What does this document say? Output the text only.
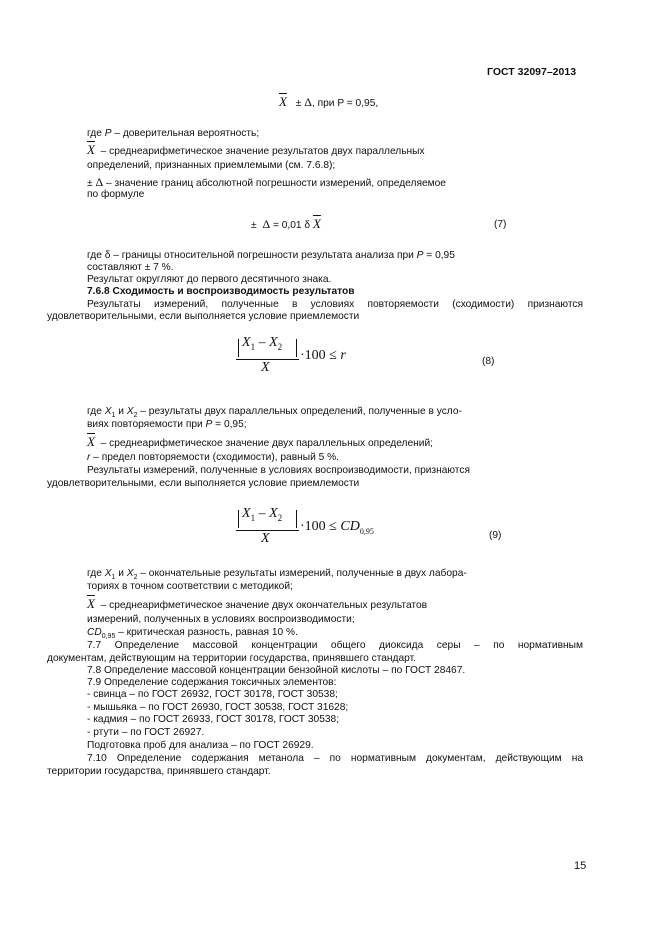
ГОСТ 32097–2013
$\overline{X} \pm \Delta$, при P = 0,95,
где P – доверительная вероятность;
$\overline{X}$ – среднеарифметическое значение результатов двух параллельных
определений, признанных приемлемыми (см. 7.6.8);
± Δ – значение границ абсолютной погрешности измерений, определяемое
по формуле
± Δ = 0,01 δ $\overline{X}$	(7)
где δ – границы относительной погрешности результата анализа при P = 0,95
составляют ± 7 %.
Результат округляют до первого десятичного знака.
7.6.8 Сходимость и воспроизводимость результатов
Результаты измерений, полученные в условиях повторяемости (сходимости) признаются
удовлетворительными, если выполняется условие приемлемости
$X_1 - X_2$
$\overline{X}$
·100 ≤ r	(8)
где $X_1$ и $X_2$ – результаты двух параллельных определений, полученные в усло-
виях повторяемости при P = 0,95;
$\overline{X}$ – среднеарифметическое значение двух параллельных определений;
r – предел повторяемости (сходимости), равный 5 %.
Результаты измерений, полученные в условиях воспроизводимости, признаются
удовлетворительными, если выполняется условие приемлемости
$X_1 - X_2$
$\overline{X}$
$\cdot 100 \le CD_{0,95}$	(9)
где $X_1$ и $X_2$ – окончательные результаты измерений, полученные в двух лабора-
ториях в точном соответствии с методикой;
$\overline{X}$ – среднеарифметическое значение двух окончательных результатов
измерений, полученных в условиях воспроизводимости;
$CD_{0,95}$ – критическая разность, равная 10 %.
7.7 Определение массовой концентрации общего диоксида серы – по нормативным
документам, действующим на территории государства, принявшего стандарт.
7.8 Определение массовой концентрации бензойной кислоты – по ГОСТ 28467.
7.9 Определение содержания токсичных элементов:
- свинца – по ГОСТ 26932, ГОСТ 30178, ГОСТ 30538;
- мышьяка – по ГОСТ 26930, ГОСТ 30538, ГОСТ 31628;
- кадмия – по ГОСТ 26933, ГОСТ 30178, ГОСТ 30538;
- ртути – по ГОСТ 26927.
Подготовка проб для анализа – по ГОСТ 26929.
7.10 Определение содержания метанола – по нормативным документам, действующим на
территории государства, принявшего стандарт.
15
